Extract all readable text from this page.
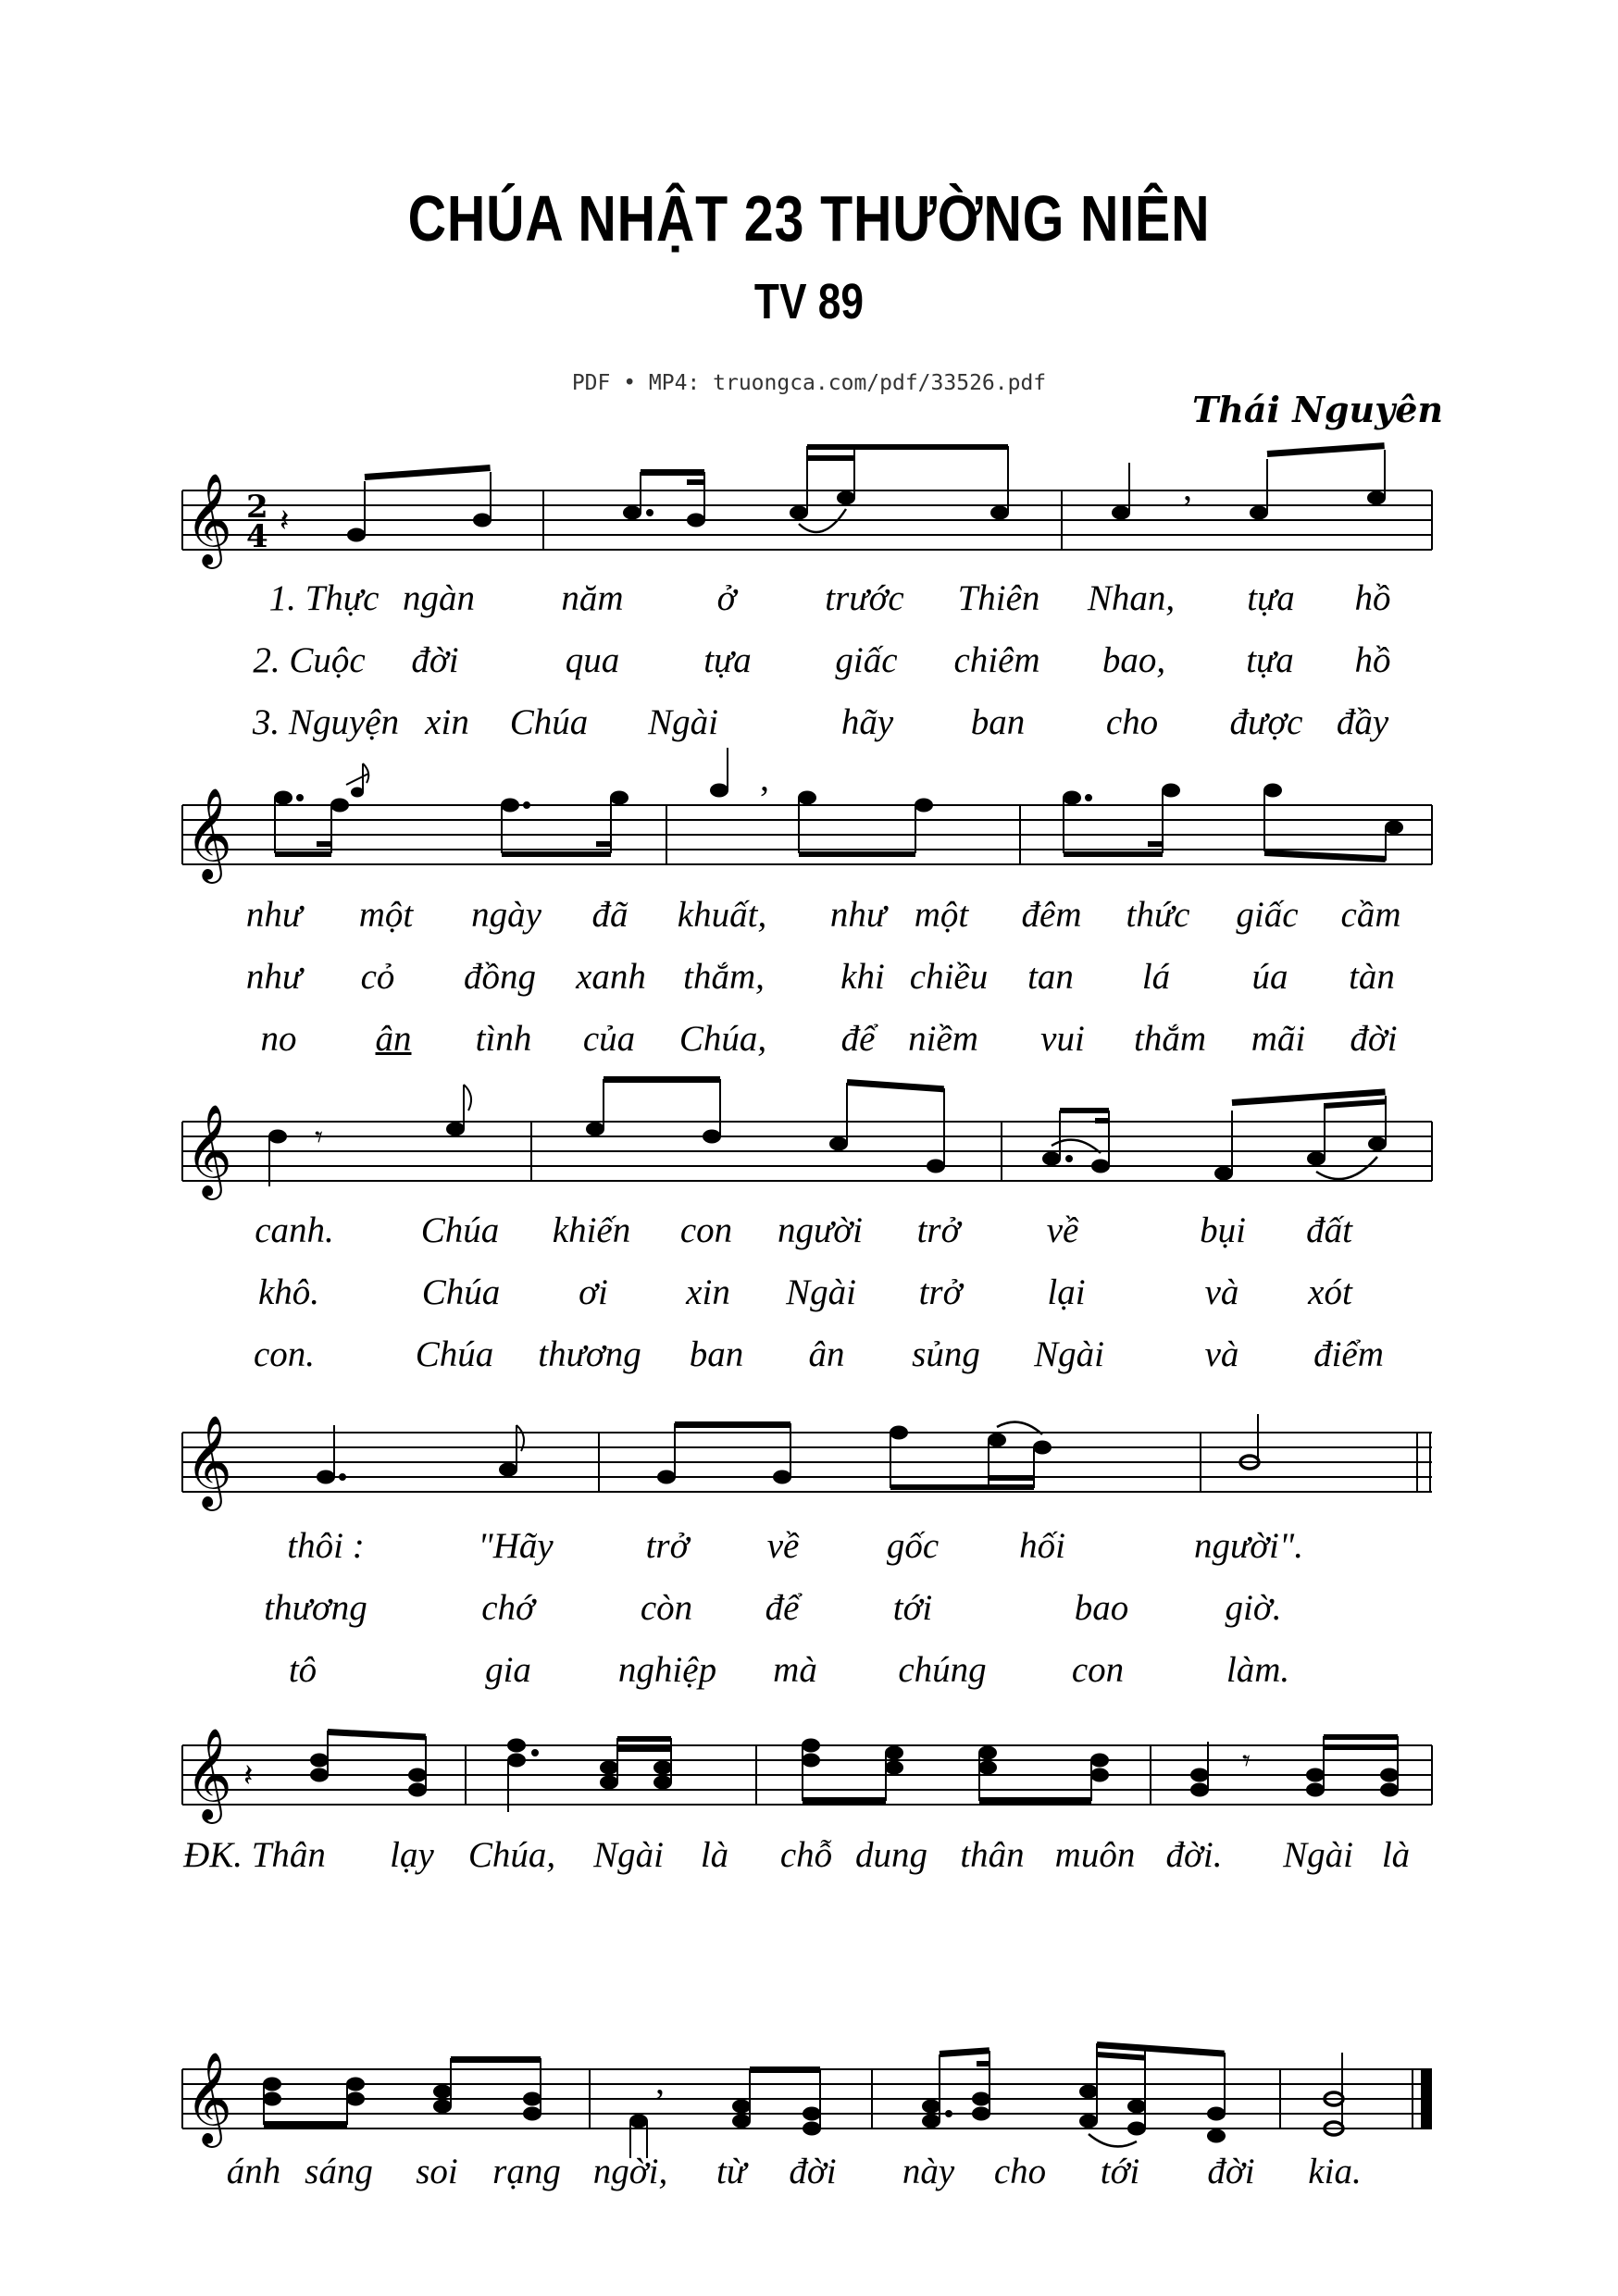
CHÚA NHẬT 23 THƯỜNG NIÊN
TV 89
PDF • MP4: truongca.com/pdf/33526.pdf
Thái Nguyên
𝄞 2
4 𝄽
,
1. Thực ngàn năm	ở trước Thiên Nhan, tựa hồ
2. Cuộc đời	qua tựa giấc chiêm bao, tựa hồ
3. Nguyện xin Chúa Ngài	hãy ban cho được đầy
𝄞
,
như một ngày đã khuất, như một đêm thức giấc cầm
như cỏ đồng xanh thắm, khi chiều tan lá úa tàn
no ân tình của Chúa, để niềm vui thắm mãi đời
𝄞	𝄾
canh. Chúa khiến con người trở về	bụi đất
khô.	Chúa ơi xin Ngài trở lại	và xót
con.	Chúa thương ban ân sủng Ngài	và điểm
𝄞
thôi :	"Hãy	trở về gốc hối	người".
thương	chớ	còn để	tới	bao	giờ.
tô	gia nghiệp mà chúng con	làm.
𝄞 𝄽	𝄾
ĐK. Thân lạy Chúa, Ngài là chỗ dung thân muôn đời. Ngài là
𝄞	,
ánh sáng soi rạng ngời, từ đời này cho tới đời kia.
